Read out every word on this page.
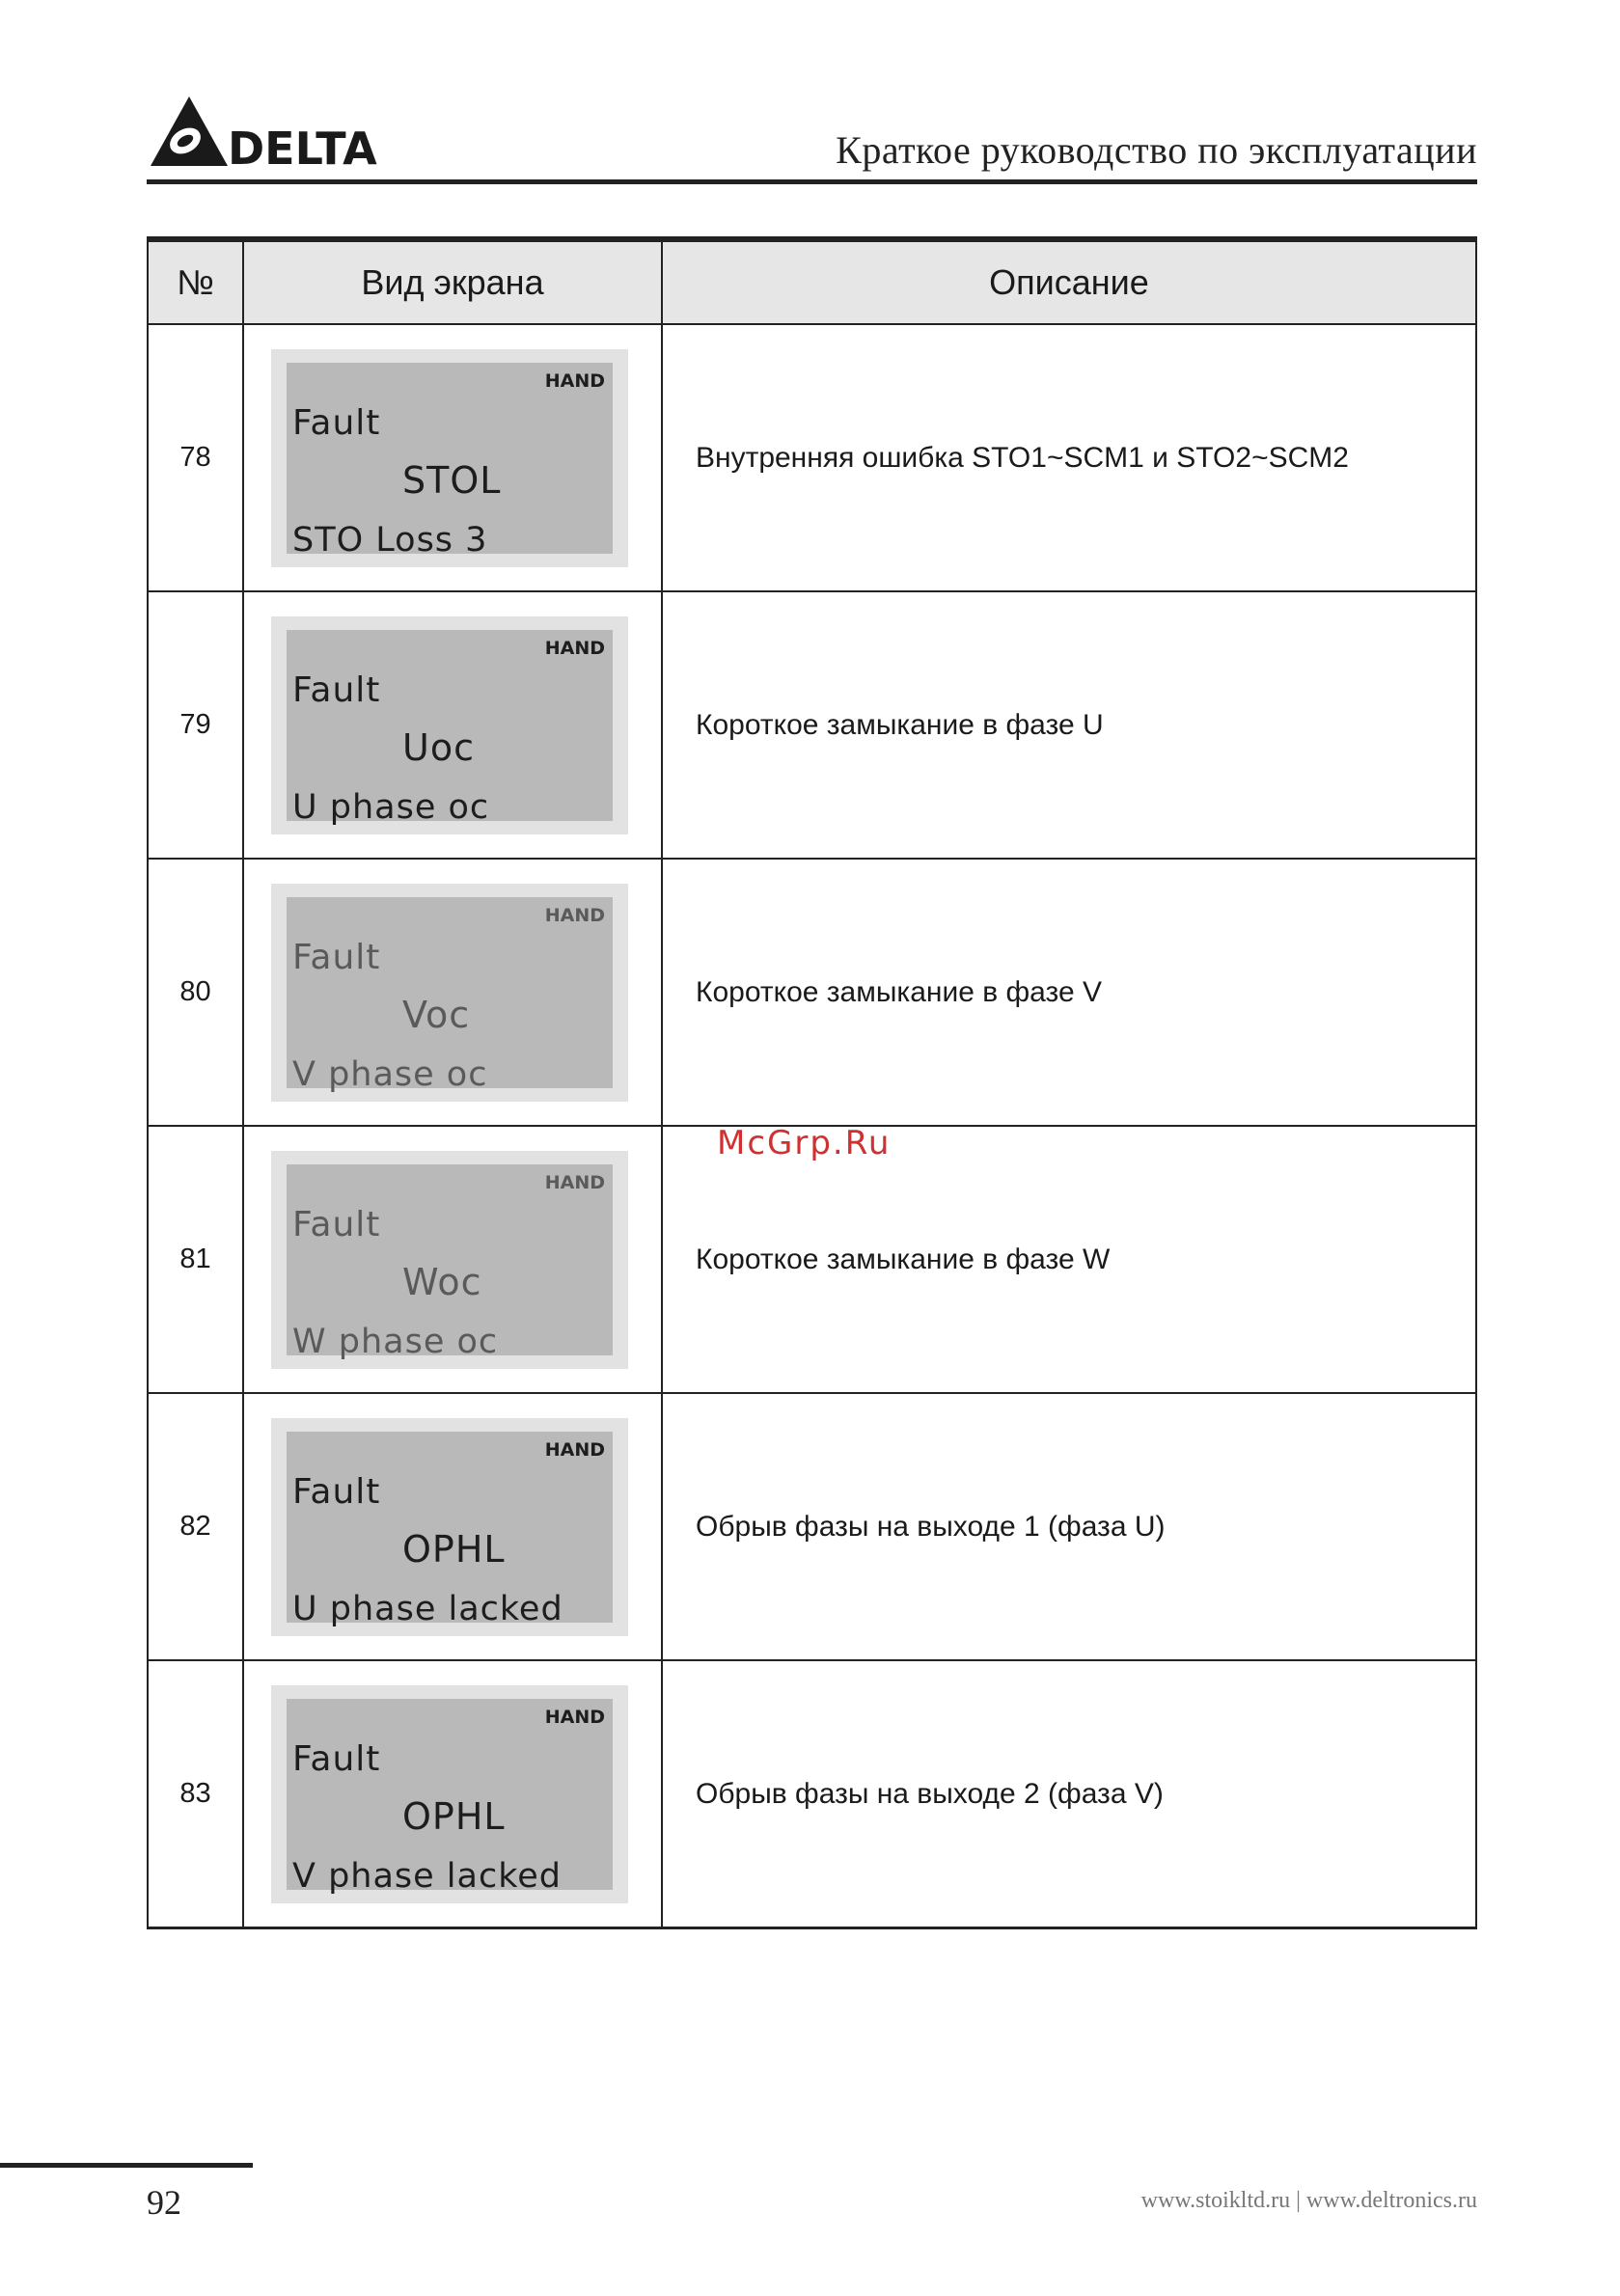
DELTA	Краткое руководство по эксплуатации
№	Вид экрана	Описание
78	HAND
Fault
STOL
STO Loss 3	Внутренняя ошибка STO1~SCM1 и STO2~SCM2
79	HAND
Fault
Uoc
U phase oc	Короткое замыкание в фазе U
80	HAND
Fault
Voc
V phase oc	Короткое замыкание в фазе V
81	HAND
Fault
Woc
W phase oc	Короткое замыкание в фазе W
82	HAND
Fault
OPHL
U phase lacked	Обрыв фазы на выходе 1 (фаза U)
83	HAND
Fault
OPHL
V phase lacked	Обрыв фазы на выходе 2 (фаза V)
McGrp.Ru
92	www.stoikltd.ru | www.deltronics.ru
